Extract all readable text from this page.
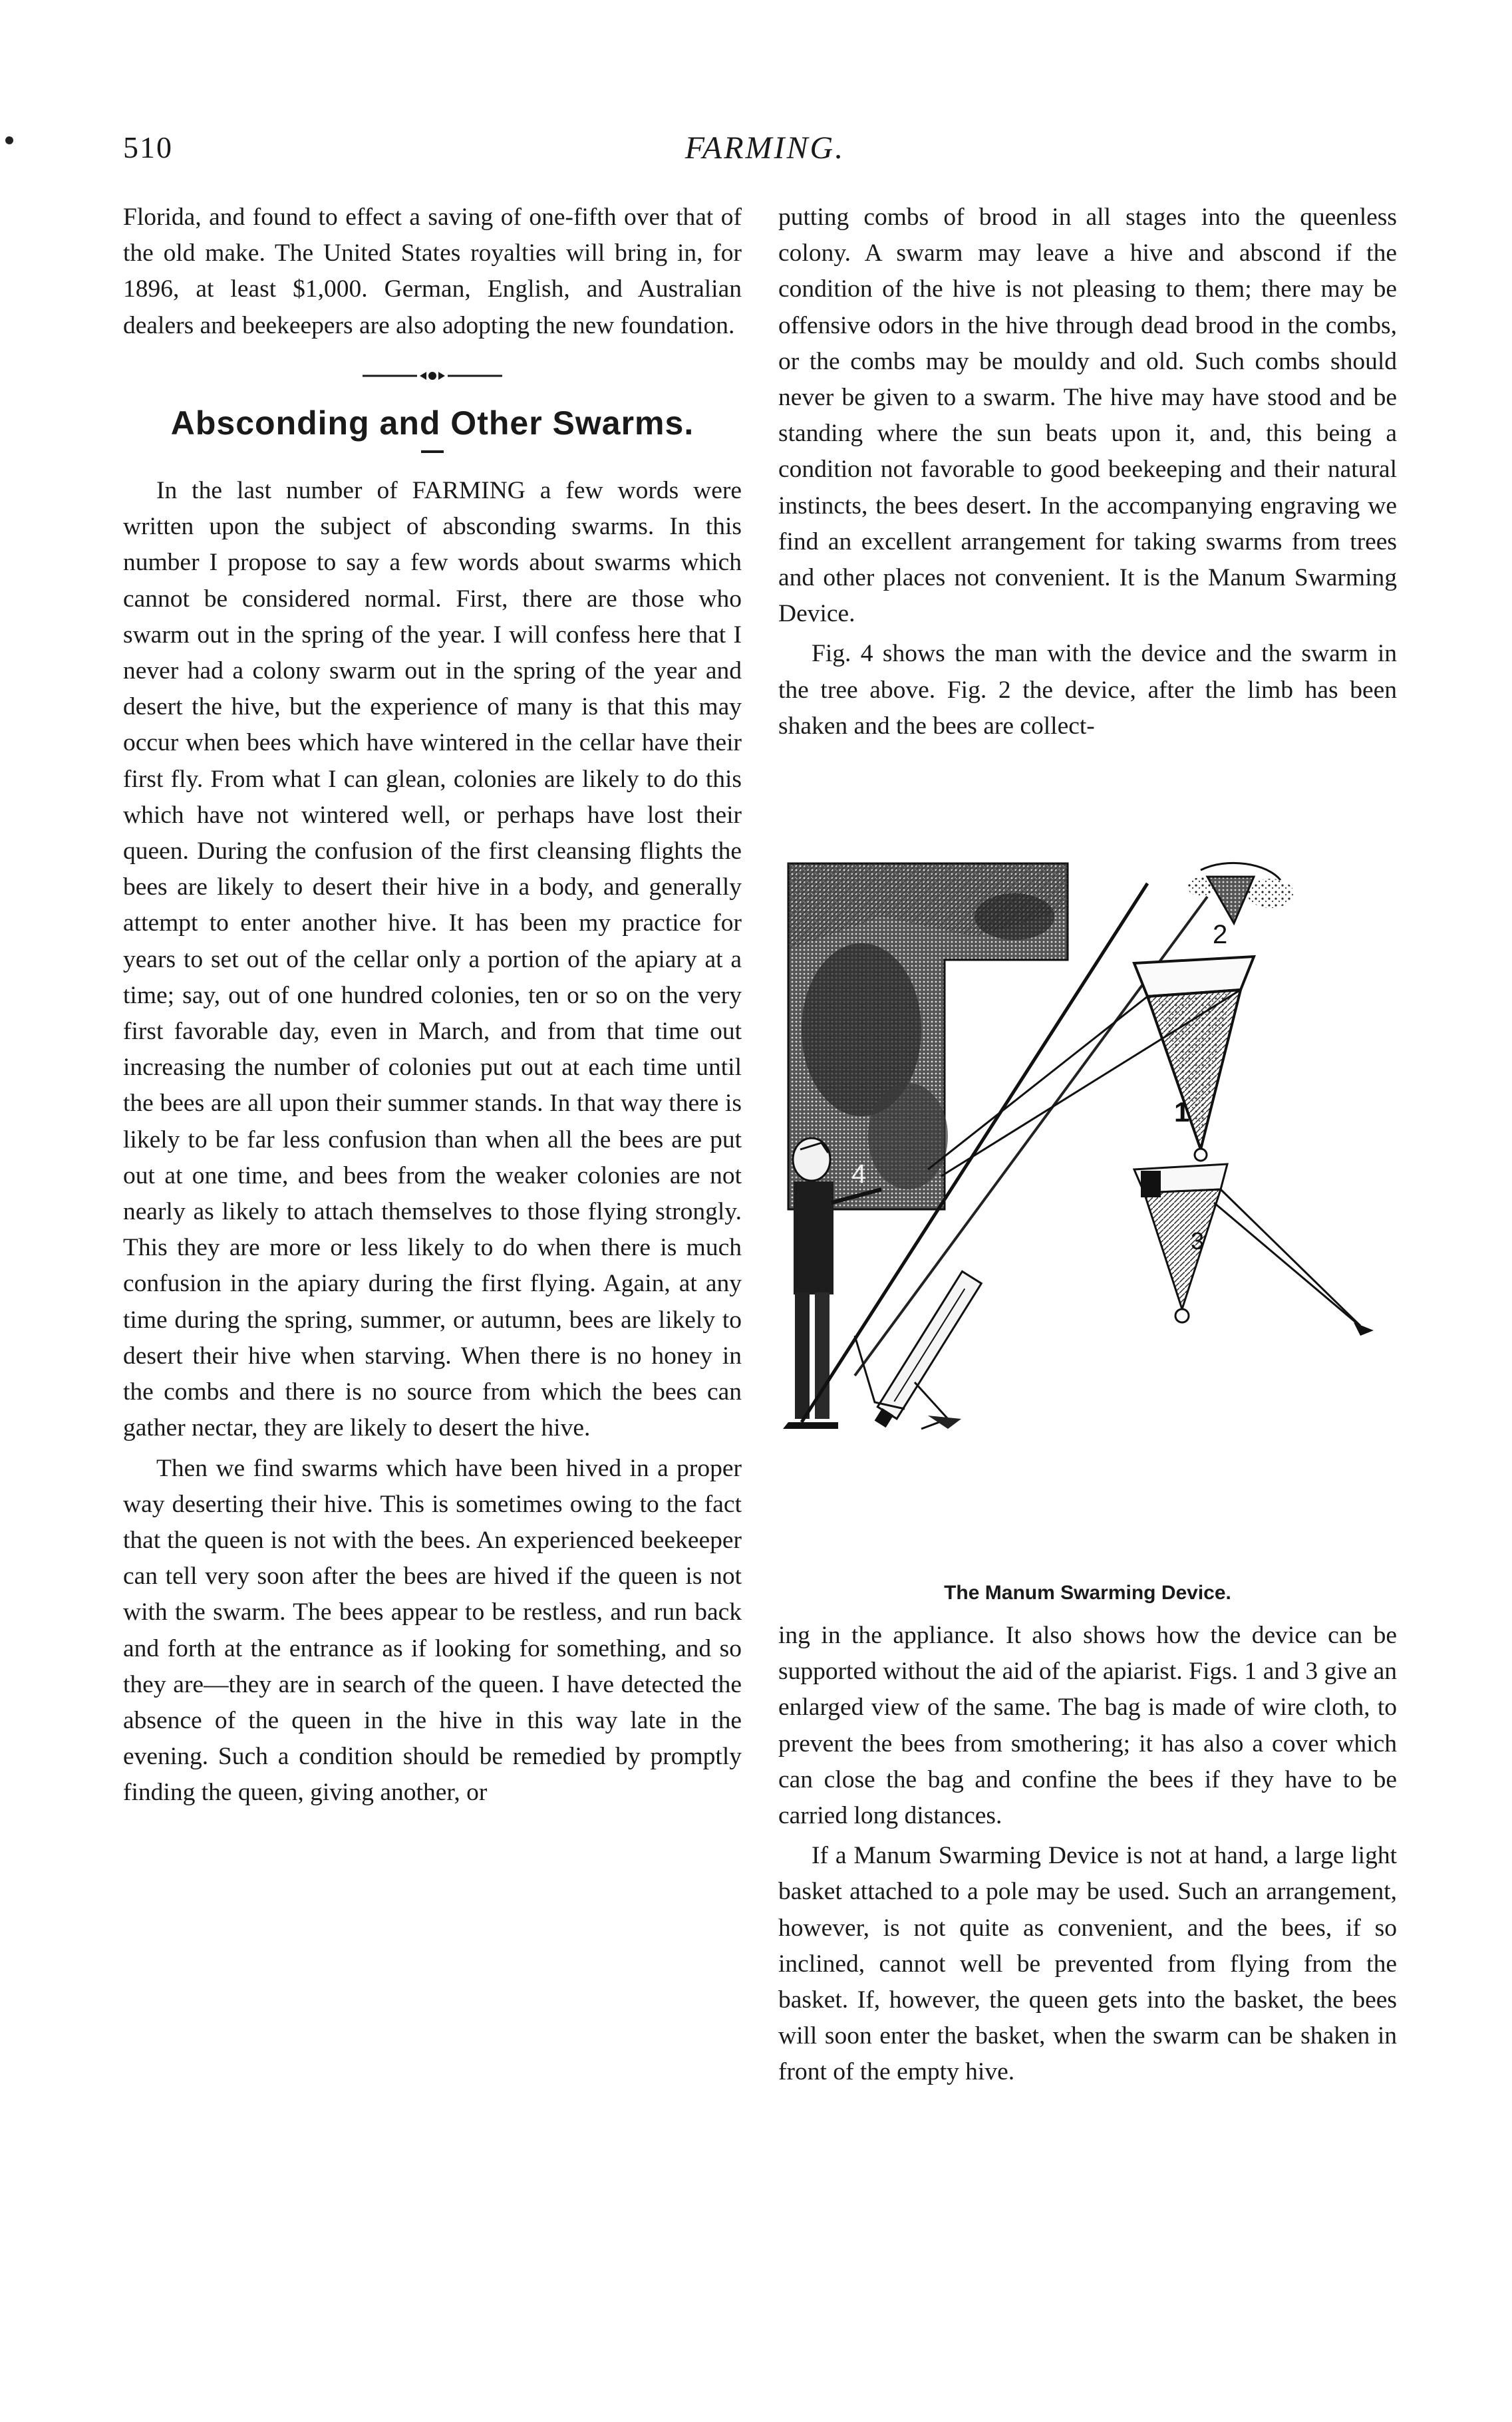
510	FARMING.

Florida, and found to effect a saving of one-fifth over that of the old make. The United States royalties will bring in, for 1896, at least $1,000. German, English, and Australian dealers and beekeepers are also adopting the new foundation.

Absconding and Other Swarms.

In the last number of FARMING a few words were written upon the subject of absconding swarms. In this number I propose to say a few words about swarms which cannot be considered normal. First, there are those who swarm out in the spring of the year. I will confess here that I never had a colony swarm out in the spring of the year and desert the hive, but the experience of many is that this may occur when bees which have wintered in the cellar have their first fly. From what I can glean, colonies are likely to do this which have not wintered well, or perhaps have lost their queen. During the confusion of the first cleansing flights the bees are likely to desert their hive in a body, and generally attempt to enter another hive. It has been my practice for years to set out of the cellar only a portion of the apiary at a time; say, out of one hundred colonies, ten or so on the very first favorable day, even in March, and from that time out increasing the number of colonies put out at each time until the bees are all upon their summer stands. In that way there is likely to be far less confusion than when all the bees are put out at one time, and bees from the weaker colonies are not nearly as likely to attach themselves to those flying strongly. This they are more or less likely to do when there is much confusion in the apiary during the first flying. Again, at any time during the spring, summer, or autumn, bees are likely to desert their hive when starving. When there is no honey in the combs and there is no source from which the bees can gather nectar, they are likely to desert the hive.

Then we find swarms which have been hived in a proper way deserting their hive. This is sometimes owing to the fact that the queen is not with the bees. An experienced beekeeper can tell very soon after the bees are hived if the queen is not with the swarm. The bees appear to be restless, and run back and forth at the entrance as if looking for something, and so they are—they are in search of the queen. I have detected the absence of the queen in the hive in this way late in the evening. Such a condition should be remedied by promptly finding the queen, giving another, or

putting combs of brood in all stages into the queenless colony. A swarm may leave a hive and abscond if the condition of the hive is not pleasing to them; there may be offensive odors in the hive through dead brood in the combs, or the combs may be mouldy and old. Such combs should never be given to a swarm. The hive may have stood and be standing where the sun beats upon it, and, this being a condition not favorable to good beekeeping and their natural instincts, the bees desert. In the accompanying engraving we find an excellent arrangement for taking swarms from trees and other places not convenient. It is the Manum Swarming Device.

Fig. 4 shows the man with the device and the swarm in the tree above. Fig. 2 the device, after the limb has been shaken and the bees are collect-

4
2
1
3
The Manum Swarming Device.

ing in the appliance. It also shows how the device can be supported without the aid of the apiarist. Figs. 1 and 3 give an enlarged view of the same. The bag is made of wire cloth, to prevent the bees from smothering; it has also a cover which can close the bag and confine the bees if they have to be carried long distances.

If a Manum Swarming Device is not at hand, a large light basket attached to a pole may be used. Such an arrangement, however, is not quite as convenient, and the bees, if so inclined, cannot well be prevented from flying from the basket. If, however, the queen gets into the basket, the bees will soon enter the basket, when the swarm can be shaken in front of the empty hive.
